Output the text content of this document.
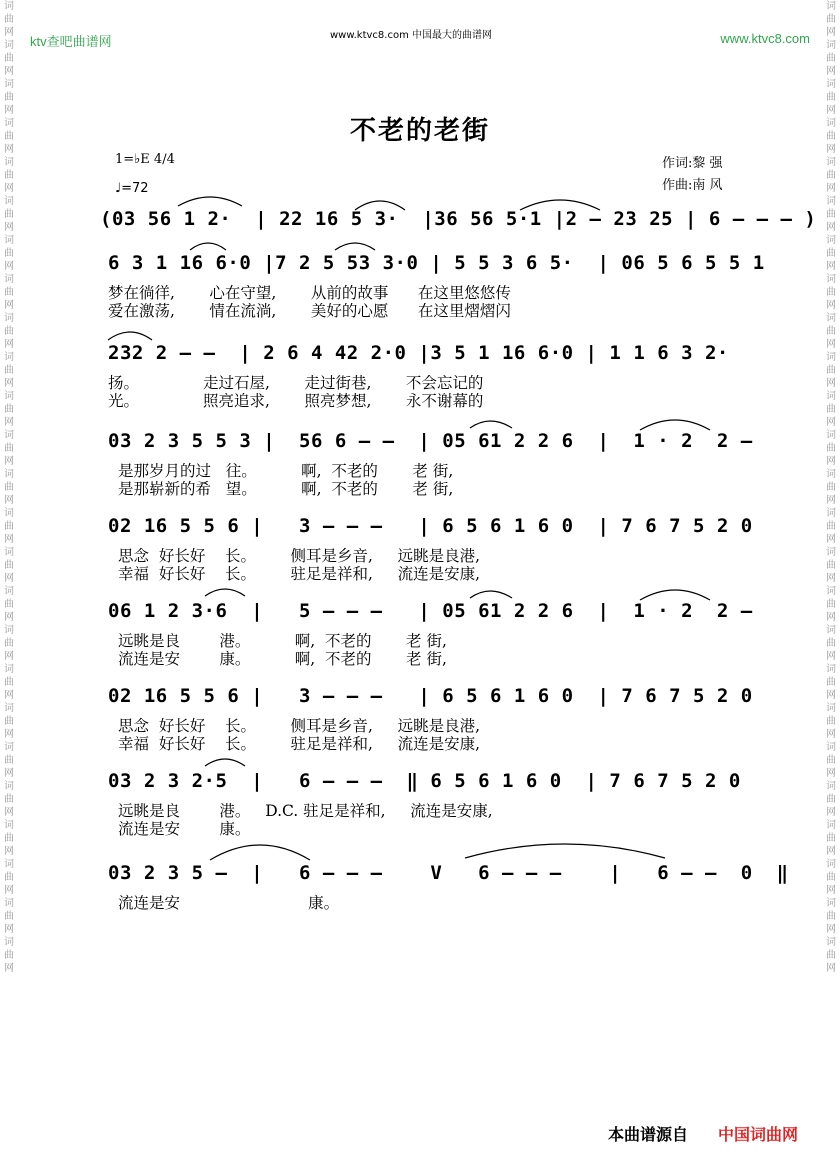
词曲网词曲网词曲网词曲网词曲网词曲网词曲网词曲网词曲网词曲网词曲网词曲网词曲网词曲网词曲网词曲网词曲网词曲网词曲网词曲网词曲网词曲网词曲网词曲网词曲网
词曲网词曲网词曲网词曲网词曲网词曲网词曲网词曲网词曲网词曲网词曲网词曲网词曲网词曲网词曲网词曲网词曲网词曲网词曲网词曲网词曲网词曲网词曲网词曲网词曲网
ktv查吧曲谱网	www.ktvc8.com 中国最大的曲谱网	www.ktvc8.com
不老的老街
1=♭E 4/4
♩=72
作词:黎 强
作曲:南 风
(03 56 1 2·  | 22 16 5 3·  |36 56 5·1 |2 — 23 25 | 6 — — — )
6 3 1 16 6·0 |7 2 5 53 3·0 | 5 5 3 6 5·  | 06 5 6 5 5 1
梦在徜徉,       心在守望,       从前的故事      在这里悠悠传
爱在激荡,       情在流淌,       美好的心愿      在这里熠熠闪
232 2 — —  | 2 6 4 42 2·0 |3 5 1 16 6·0 | 1 1 6 3 2·
扬。             走过石屋,       走过街巷,       不会忘记的
光。             照亮追求,       照亮梦想,       永不谢幕的
03 2 3 5 5 3 |  56 6 — —  | 05 61 2 2 6  |  1 · 2  2 —
是那岁月的过   往。         啊,  不老的       老 街,
是那崭新的希   望。         啊,  不老的       老 街,
02 16 5 5 6 |   3 — — —   | 6 5 6 1 6 0  | 7 6 7 5 2 0
思念  好长好    长。       侧耳是乡音,     远眺是良港,
幸福  好长好    长。       驻足是祥和,     流连是安康,
06 1 2 3·6  |   5 — — —   | 05 61 2 2 6  |  1 · 2  2 —
远眺是良        港。         啊,  不老的       老 街,
流连是安        康。         啊,  不老的       老 街,
02 16 5 5 6 |   3 — — —   | 6 5 6 1 6 0  | 7 6 7 5 2 0
思念  好长好    长。       侧耳是乡音,     远眺是良港,
幸福  好长好    长。       驻足是祥和,     流连是安康,
03 2 3 2·5  |   6 — — —  ‖ 6 5 6 1 6 0  | 7 6 7 5 2 0
远眺是良        港。   D.C. 驻足是祥和,     流连是安康,
流连是安        康。
03 2 3 5 —  |   6 — — —    V   6 — — —    |   6 — —  0  ‖
流连是安                          康。
本曲谱源自 中国词曲网
